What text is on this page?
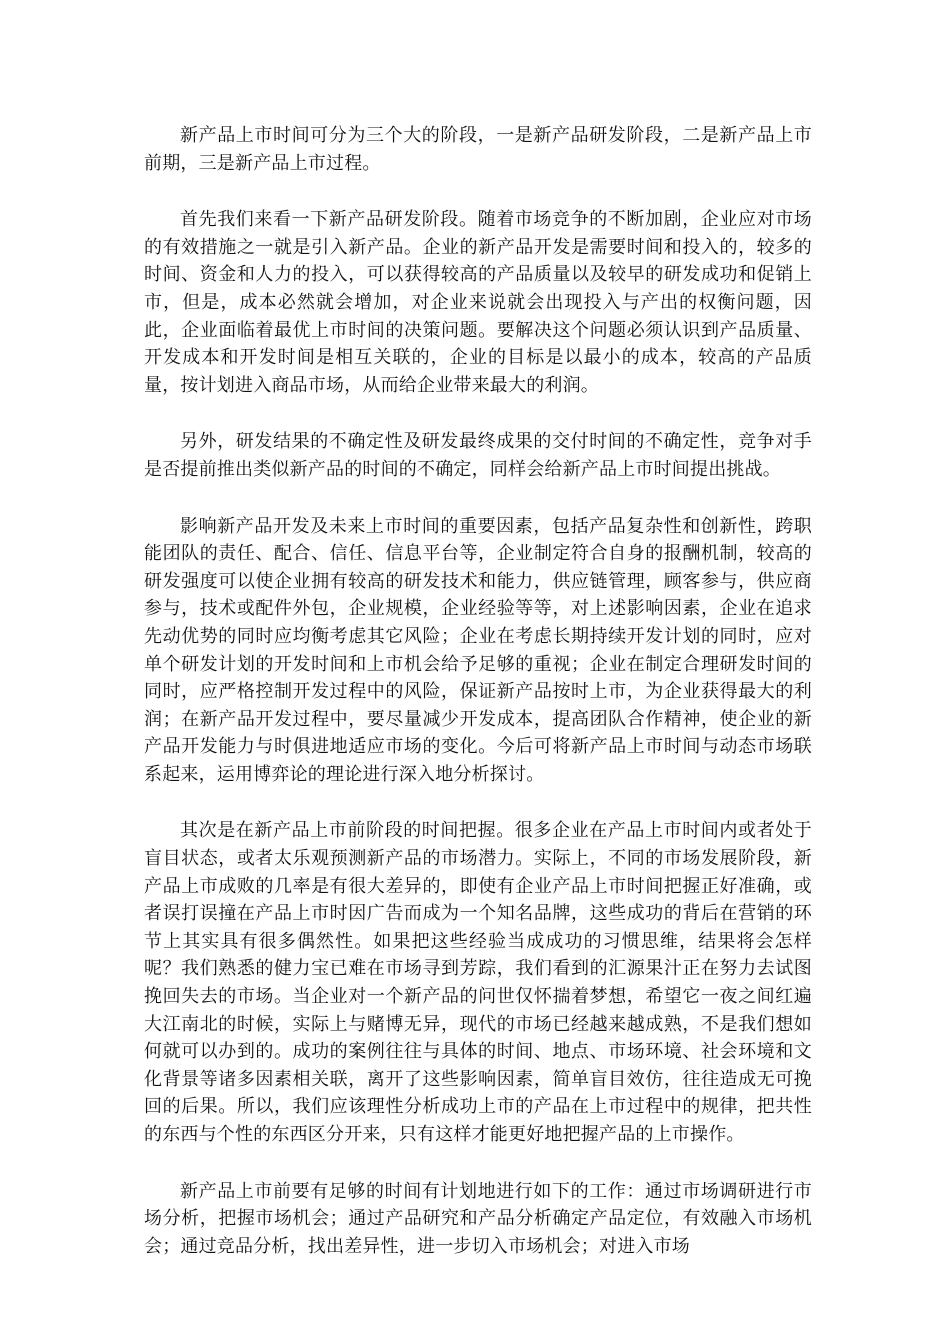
新产品上市时间可分为三个大的阶段，一是新产品研发阶段，二是新产品上市前期，三是新产品上市过程。

首先我们来看一下新产品研发阶段。随着市场竞争的不断加剧，企业应对市场的有效措施之一就是引入新产品。企业的新产品开发是需要时间和投入的，较多的时间、资金和人力的投入，可以获得较高的产品质量以及较早的研发成功和促销上市，但是，成本必然就会增加，对企业来说就会出现投入与产出的权衡问题，因此，企业面临着最优上市时间的决策问题。要解决这个问题必须认识到产品质量、开发成本和开发时间是相互关联的，企业的目标是以最小的成本，较高的产品质量，按计划进入商品市场，从而给企业带来最大的利润。

另外，研发结果的不确定性及研发最终成果的交付时间的不确定性，竞争对手是否提前推出类似新产品的时间的不确定，同样会给新产品上市时间提出挑战。

影响新产品开发及未来上市时间的重要因素，包括产品复杂性和创新性，跨职能团队的责任、配合、信任、信息平台等，企业制定符合自身的报酬机制，较高的研发强度可以使企业拥有较高的研发技术和能力，供应链管理，顾客参与，供应商参与，技术或配件外包，企业规模，企业经验等等，对上述影响因素，企业在追求先动优势的同时应均衡考虑其它风险；企业在考虑长期持续开发计划的同时，应对单个研发计划的开发时间和上市机会给予足够的重视；企业在制定合理研发时间的同时，应严格控制开发过程中的风险，保证新产品按时上市，为企业获得最大的利润；在新产品开发过程中，要尽量减少开发成本，提高团队合作精神，使企业的新产品开发能力与时俱进地适应市场的变化。今后可将新产品上市时间与动态市场联系起来，运用博弈论的理论进行深入地分析探讨。

其次是在新产品上市前阶段的时间把握。很多企业在产品上市时间内或者处于盲目状态，或者太乐观预测新产品的市场潜力。实际上，不同的市场发展阶段，新产品上市成败的几率是有很大差异的，即使有企业产品上市时间把握正好准确，或者误打误撞在产品上市时因广告而成为一个知名品牌，这些成功的背后在营销的环节上其实具有很多偶然性。如果把这些经验当成成功的习惯思维，结果将会怎样呢？我们熟悉的健力宝已难在市场寻到芳踪，我们看到的汇源果汁正在努力去试图挽回失去的市场。当企业对一个新产品的问世仅怀揣着梦想，希望它一夜之间红遍大江南北的时候，实际上与赌博无异，现代的市场已经越来越成熟，不是我们想如何就可以办到的。成功的案例往往与具体的时间、地点、市场环境、社会环境和文化背景等诸多因素相关联，离开了这些影响因素，简单盲目效仿，往往造成无可挽回的后果。所以，我们应该理性分析成功上市的产品在上市过程中的规律，把共性的东西与个性的东西区分开来，只有这样才能更好地把握产品的上市操作。

新产品上市前要有足够的时间有计划地进行如下的工作：通过市场调研进行市场分析，把握市场机会；通过产品研究和产品分析确定产品定位，有效融入市场机会；通过竞品分析，找出差异性，进一步切入市场机会；对进入市场
